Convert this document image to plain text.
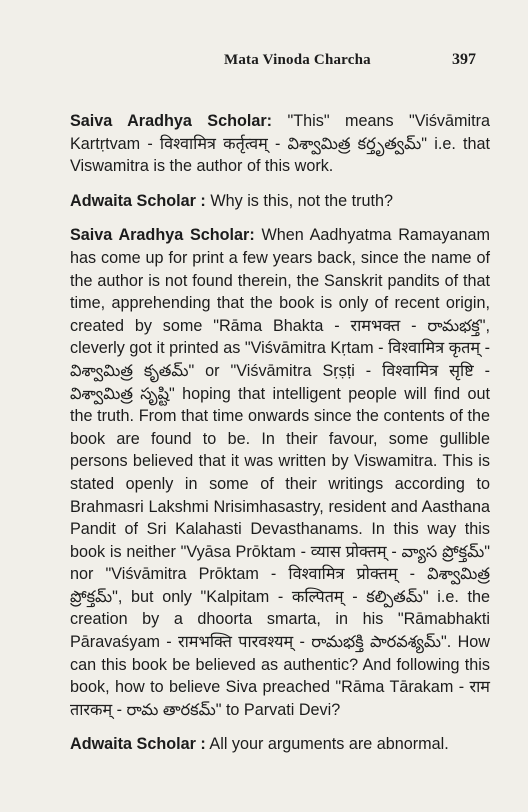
Mata Vinoda Charcha	397

Saiva Aradhya Scholar: "This" means "Viśvāmitra Kartṛtvam - विश्वामित्र कर्तृत्वम् - విశ్వామిత్ర కర్తృత్వమ్" i.e. that Viswamitra is the author of this work.

Adwaita Scholar : Why is this, not the truth?

Saiva Aradhya Scholar: When Aadhyatma Ramayanam has come up for print a few years back, since the name of the author is not found therein, the Sanskrit pandits of that time, apprehending that the book is only of recent origin, created by some "Rāma Bhakta - रामभक्त - రామభక్త", cleverly got it printed as "Viśvāmitra Kṛtam - विश्वामित्र कृतम् - విశ్వామిత్ర కృతమ్" or "Viśvāmitra Sṛṣṭi - विश्वामित्र सृष्टि - విశ్వామిత్ర సృష్టి" hoping that intelligent people will find out the truth. From that time onwards since the contents of the book are found to be. In their favour, some gullible persons believed that it was written by Viswamitra. This is stated openly in some of their writings according to Brahmasri Lakshmi Nrisimhasastry, resident and Aasthana Pandit of Sri Kalahasti Devasthanams. In this way this book is neither "Vyāsa Prōktam - व्यास प्रोक्तम् - వ్యాస ప్రోక్తమ్" nor "Viśvāmitra Prōktam - विश्वामित्र प्रोक्तम् - విశ్వామిత్ర ప్రోక్తమ్", but only "Kalpitam - कल्पितम् - కల్పితమ్" i.e. the creation by a dhoorta smarta, in his "Rāmabhakti Pāravaśyam - रामभक्ति पारवश्यम् - రామభక్తి పారవశ్యమ్". How can this book be believed as authentic? And following this book, how to believe Siva preached "Rāma Tārakam - राम तारकम् - రామ తారకమ్" to Parvati Devi?

Adwaita Scholar : All your arguments are abnormal.
